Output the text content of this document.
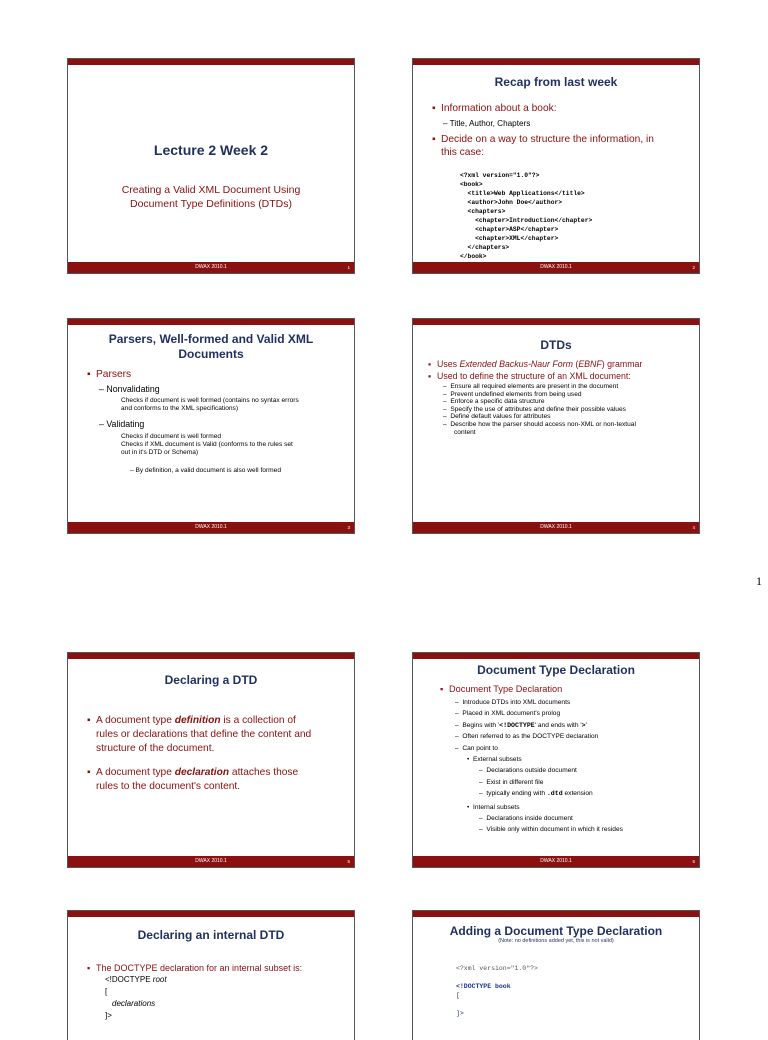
Lecture 2 Week 2
Creating a Valid XML Document Using
Document Type Definitions (DTDs)
DWAX 2010.1	1
Recap from last week
▪ Information about a book:
– Title, Author, Chapters
▪ Decide on a way to structure the information, in
this case:
<?xml version="1.0"?>
<book>
<title>Web Applications</title>
<author>John Doe</author>
<chapters>
<chapter>Introduction</chapter>
<chapter>ASP</chapter>
<chapter>XML</chapter>
</chapters>
</book>
DWAX 2010.1	2
Parsers, Well-formed and Valid XML
Documents
▪ Parsers
– Nonvalidating
Checks if document is well formed (contains no syntax errors
and conforms to the XML specifications)
– Validating
Checks if document is well formed
Checks if XML document is Valid (conforms to the rules set
out in it's DTD or Schema)
– By definition, a valid document is also well formed
DWAX 2010.1	3
DTDs
▪ Uses Extended Backus-Naur Form (EBNF) grammar
▪ Used to define the structure of an XML document:
–  Ensure all required elements are present in the document
–  Prevent undefined elements from being used
–  Enforce a specific data structure
–  Specify the use of attributes and define their possible values
–  Define default values for attributes
–  Describe how the parser should access non-XML or non-textual
content
DWAX 2010.1	4
1
Declaring a DTD
▪ A document type definition is a collection of
rules or declarations that define the content and
structure of the document.
▪ A document type declaration attaches those
rules to the document's content.
DWAX 2010.1	5
Document Type Declaration
▪ Document Type Declaration
–  Introduce DTDs into XML documents
–  Placed in XML document's prolog
–  Begins with '<!DOCTYPE' and ends with '>'
–  Often referred to as the DOCTYPE declaration
–  Can point to
•  External subsets
–  Declarations outside document
–  Exist in different file
–  typically ending with .dtd extension
•  Internal subsets
–  Declarations inside document
–  Visible only within document in which it resides
DWAX 2010.1	6
Declaring an internal DTD
▪ The DOCTYPE declaration for an internal subset is:
<!DOCTYPE root
[
declarations
]>
Adding a Document Type Declaration
(Note: no definitions added yet, this is not valid)
<?xml version="1.0"?>
<!DOCTYPE book
[
]>
